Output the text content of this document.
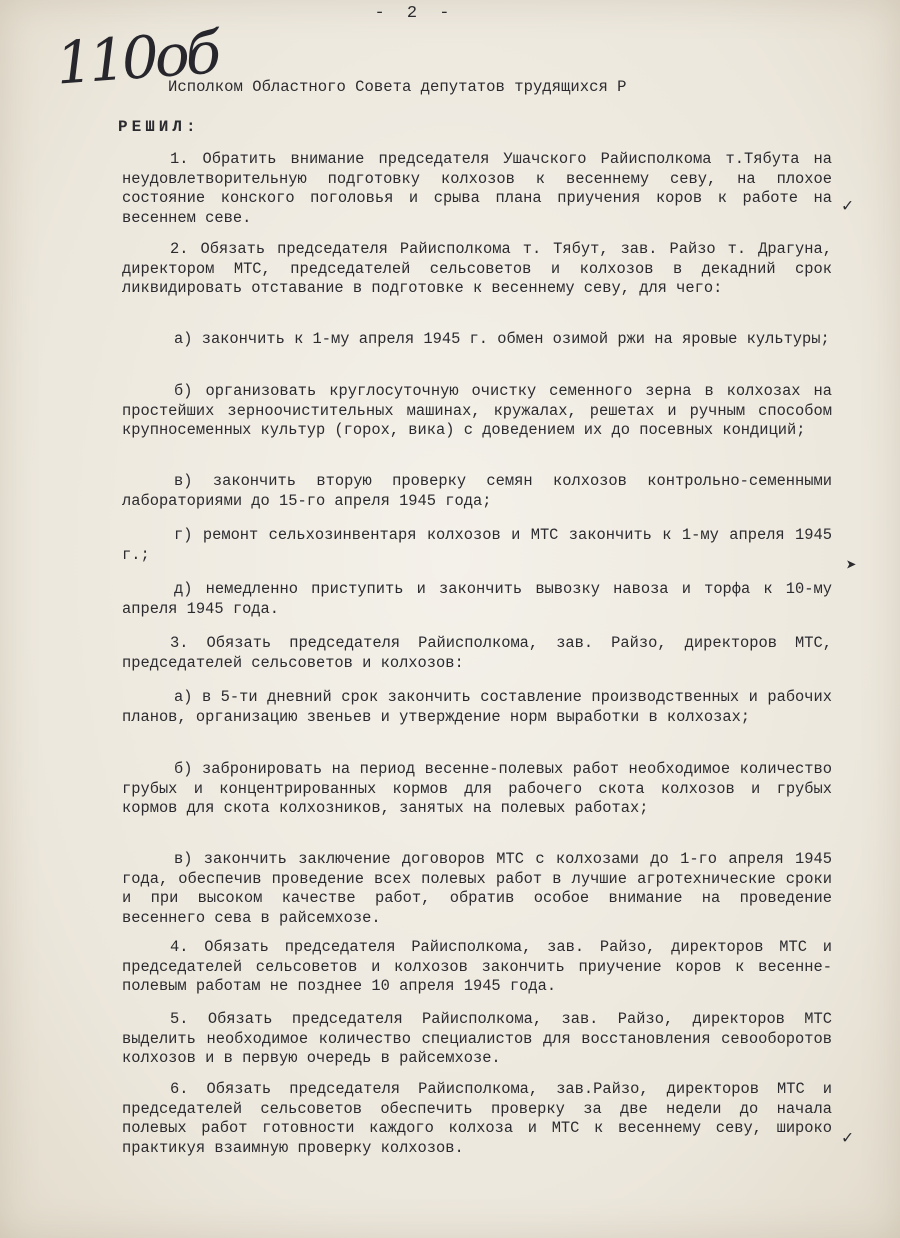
- 2 -
110об
Исполком Областного Совета депутатов трудящихся Р
РЕШИЛ:

1. Обратить внимание председателя Ушачского Райисполкома т.Тябута на неудовлетворительную подготовку колхозов к весеннему севу, на плохое состояние конского поголовья и срыва плана приучения коров к работе на весеннем севе.

2. Обязать председателя Райисполкома т. Тябут, зав. Райзо т. Драгуна, директором МТС, председателей сельсоветов и колхозов в декадний срок ликвидировать отставание в подготовке к весеннему севу, для чего:

а) закончить к 1-му апреля 1945 г. обмен озимой ржи на яровые культуры;

б) организовать круглосуточную очистку семенного зерна в колхозах на простейших зерноочистительных машинах, кружалах, решетах и ручным способом крупносеменных культур (горох, вика) с доведением их до посевных кондиций;

в) закончить вторую проверку семян колхозов контрольно-семенными лабораториями до 15-го апреля 1945 года;

г) ремонт сельхозинвентаря колхозов и МТС закончить к 1-му апреля 1945 г.;

д) немедленно приступить и закончить вывозку навоза и торфа к 10-му апреля 1945 года.

3. Обязать председателя Райисполкома, зав. Райзо, директоров МТС, председателей сельсоветов и колхозов:

а) в 5-ти дневний срок закончить составление производственных и рабочих планов, организацию звеньев и утверждение норм выработки в колхозах;

б) забронировать на период весенне-полевых работ необходимое количество грубых и концентрированных кормов для рабочего скота колхозов и грубых кормов для скота колхозников, занятых на полевых работах;

в) закончить заключение договоров МТС с колхозами до 1-го апреля 1945 года, обеспечив проведение всех полевых работ в лучшие агротехнические сроки и при высоком качестве работ, обратив особое внимание на проведение весеннего сева в райсемхозе.

4. Обязать председателя Райисполкома, зав. Райзо, директоров МТС и председателей сельсоветов и колхозов закончить приучение коров к весенне-полевым работам не позднее 10 апреля 1945 года.

5. Обязать председателя Райисполкома, зав. Райзо, директоров МТС выделить необходимое количество специалистов для восстановления севооборотов колхозов и в первую очередь в райсемхозе.

6. Обязать председателя Райисполкома, зав.Райзо, директоров МТС и председателей сельсоветов обеспечить проверку за две недели до начала полевых работ готовности каждого колхоза и МТС к весеннему севу, широко практикуя взаимную проверку колхозов.

✓
➤
✓
